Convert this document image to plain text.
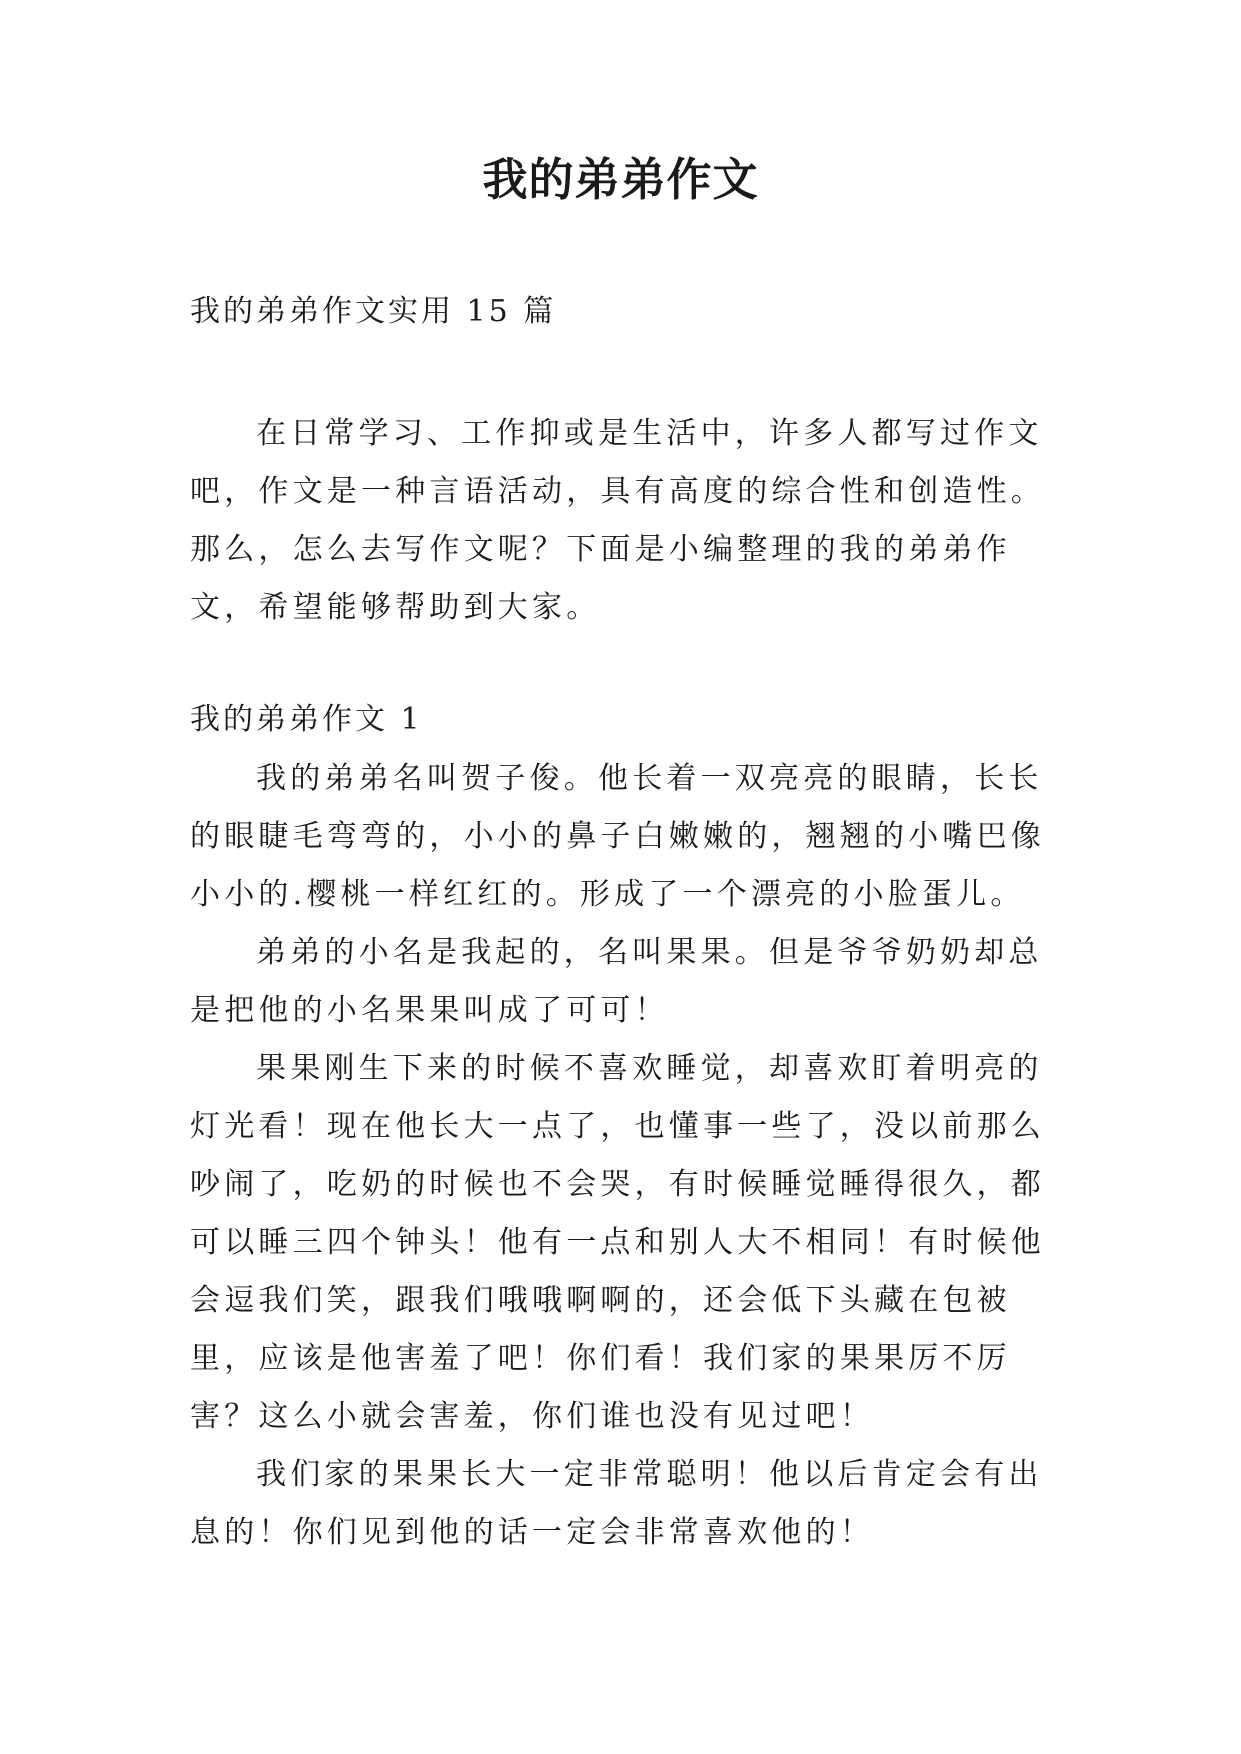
我的弟弟作文

我的弟弟作文实用 15 篇

在日常学习、工作抑或是生活中，许多人都写过作文吧，作文是一种言语活动，具有高度的综合性和创造性。那么，怎么去写作文呢？下面是小编整理的我的弟弟作文，希望能够帮助到大家。

我的弟弟作文 1

我的弟弟名叫贺子俊。他长着一双亮亮的眼睛，长长的眼睫毛弯弯的，小小的鼻子白嫩嫩的，翘翘的小嘴巴像小小的.樱桃一样红红的。形成了一个漂亮的小脸蛋儿。

弟弟的小名是我起的，名叫果果。但是爷爷奶奶却总是把他的小名果果叫成了可可！

果果刚生下来的时候不喜欢睡觉，却喜欢盯着明亮的灯光看！现在他长大一点了，也懂事一些了，没以前那么吵闹了，吃奶的时候也不会哭，有时候睡觉睡得很久，都可以睡三四个钟头！他有一点和别人大不相同！有时候他会逗我们笑，跟我们哦哦啊啊的，还会低下头藏在包被里，应该是他害羞了吧！你们看！我们家的果果厉不厉害？这么小就会害羞，你们谁也没有见过吧！

我们家的果果长大一定非常聪明！他以后肯定会有出息的！你们见到他的话一定会非常喜欢他的！
